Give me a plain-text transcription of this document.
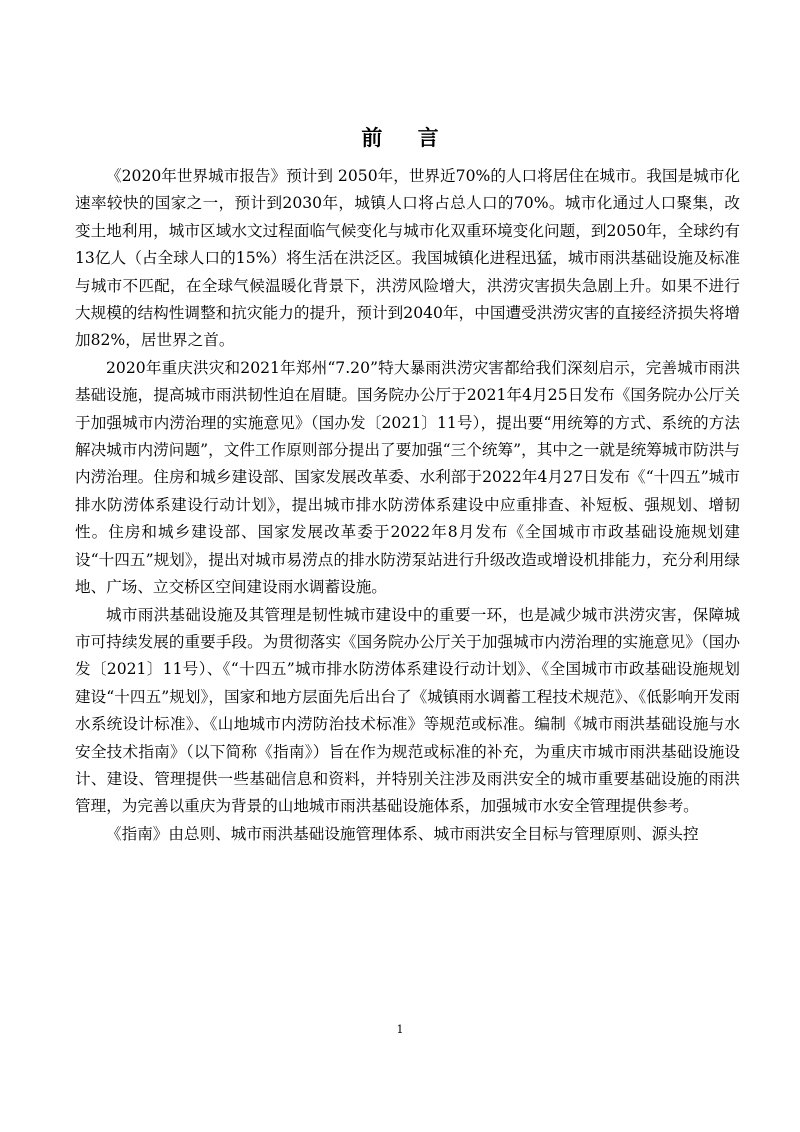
前 言

《2020年世界城市报告》预计到 2050年，世界近70%的人口将居住在城市。我国是城市化速率较快的国家之一，预计到2030年，城镇人口将占总人口的70%。城市化通过人口聚集，改变土地利用，城市区域水文过程面临气候变化与城市化双重环境变化问题，到2050年，全球约有13亿人（占全球人口的15%）将生活在洪泛区。我国城镇化进程迅猛，城市雨洪基础设施及标准与城市不匹配，在全球气候温暖化背景下，洪涝风险增大，洪涝灾害损失急剧上升。如果不进行大规模的结构性调整和抗灾能力的提升，预计到2040年，中国遭受洪涝灾害的直接经济损失将增加82%，居世界之首。

2020年重庆洪灾和2021年郑州“7.20”特大暴雨洪涝灾害都给我们深刻启示，完善城市雨洪基础设施，提高城市雨洪韧性迫在眉睫。国务院办公厅于2021年4月25日发布《国务院办公厅关于加强城市内涝治理的实施意见》（国办发〔2021〕11号），提出要“用统筹的方式、系统的方法解决城市内涝问题”，文件工作原则部分提出了要加强“三个统筹”，其中之一就是统筹城市防洪与内涝治理。住房和城乡建设部、国家发展改革委、水利部于2022年4月27日发布《“十四五”城市排水防涝体系建设行动计划》，提出城市排水防涝体系建设中应重排查、补短板、强规划、增韧性。住房和城乡建设部、国家发展改革委于2022年8月发布《全国城市市政基础设施规划建设“十四五”规划》，提出对城市易涝点的排水防涝泵站进行升级改造或增设机排能力，充分利用绿地、广场、立交桥区空间建设雨水调蓄设施。

城市雨洪基础设施及其管理是韧性城市建设中的重要一环，也是减少城市洪涝灾害，保障城市可持续发展的重要手段。为贯彻落实《国务院办公厅关于加强城市内涝治理的实施意见》（国办发〔2021〕11号）、《“十四五”城市排水防涝体系建设行动计划》、《全国城市市政基础设施规划建设“十四五”规划》，国家和地方层面先后出台了《城镇雨水调蓄工程技术规范》、《低影响开发雨水系统设计标准》、《山地城市内涝防治技术标准》等规范或标准。编制《城市雨洪基础设施与水安全技术指南》（以下简称《指南》）旨在作为规范或标准的补充，为重庆市城市雨洪基础设施设计、建设、管理提供一些基础信息和资料，并特别关注涉及雨洪安全的城市重要基础设施的雨洪管理，为完善以重庆为背景的山地城市雨洪基础设施体系，加强城市水安全管理提供参考。

《指南》由总则、城市雨洪基础设施管理体系、城市雨洪安全目标与管理原则、源头控

1
